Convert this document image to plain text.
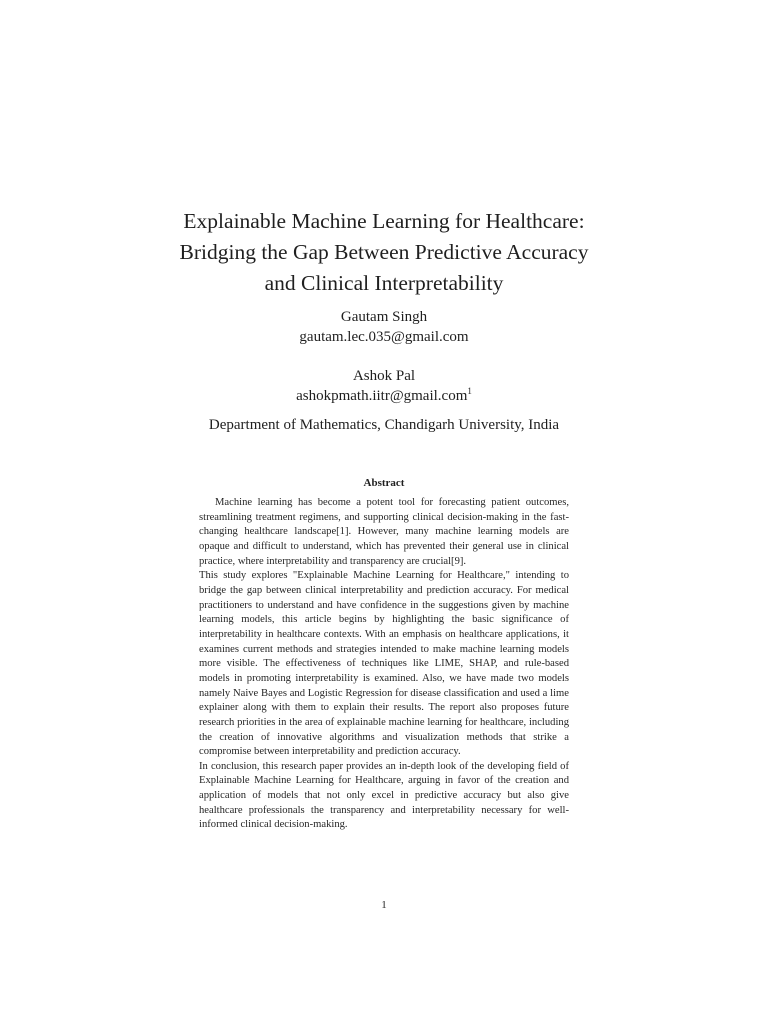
Explainable Machine Learning for Healthcare:
Bridging the Gap Between Predictive Accuracy
and Clinical Interpretability
Gautam Singh
gautam.lec.035@gmail.com
Ashok Pal
ashokpmath.iitr@gmail.com$^1$
Department of Mathematics, Chandigarh University, India
Abstract

Machine learning has become a potent tool for forecasting patient outcomes, streamlining treatment regimens, and supporting clinical decision-making in the fast-changing healthcare landscape[1]. However, many machine learning models are opaque and difficult to understand, which has prevented their general use in clinical practice, where interpretability and transparency are crucial[9].

This study explores "Explainable Machine Learning for Healthcare," intending to bridge the gap between clinical interpretability and prediction accuracy. For medical practitioners to understand and have confidence in the suggestions given by machine learning models, this article begins by highlighting the basic significance of interpretability in healthcare contexts. With an emphasis on healthcare applications, it examines current methods and strategies intended to make machine learning models more visible. The effectiveness of techniques like LIME, SHAP, and rule-based models in promoting interpretability is examined. Also, we have made two models namely Naive Bayes and Logistic Regression for disease classification and used a lime explainer along with them to explain their results. The report also proposes future research priorities in the area of explainable machine learning for healthcare, including the creation of innovative algorithms and visualization methods that strike a compromise between interpretability and prediction accuracy.

In conclusion, this research paper provides an in-depth look of the developing field of Explainable Machine Learning for Healthcare, arguing in favor of the creation and application of models that not only excel in predictive accuracy but also give healthcare professionals the transparency and interpretability necessary for well-informed clinical decision-making.

1
